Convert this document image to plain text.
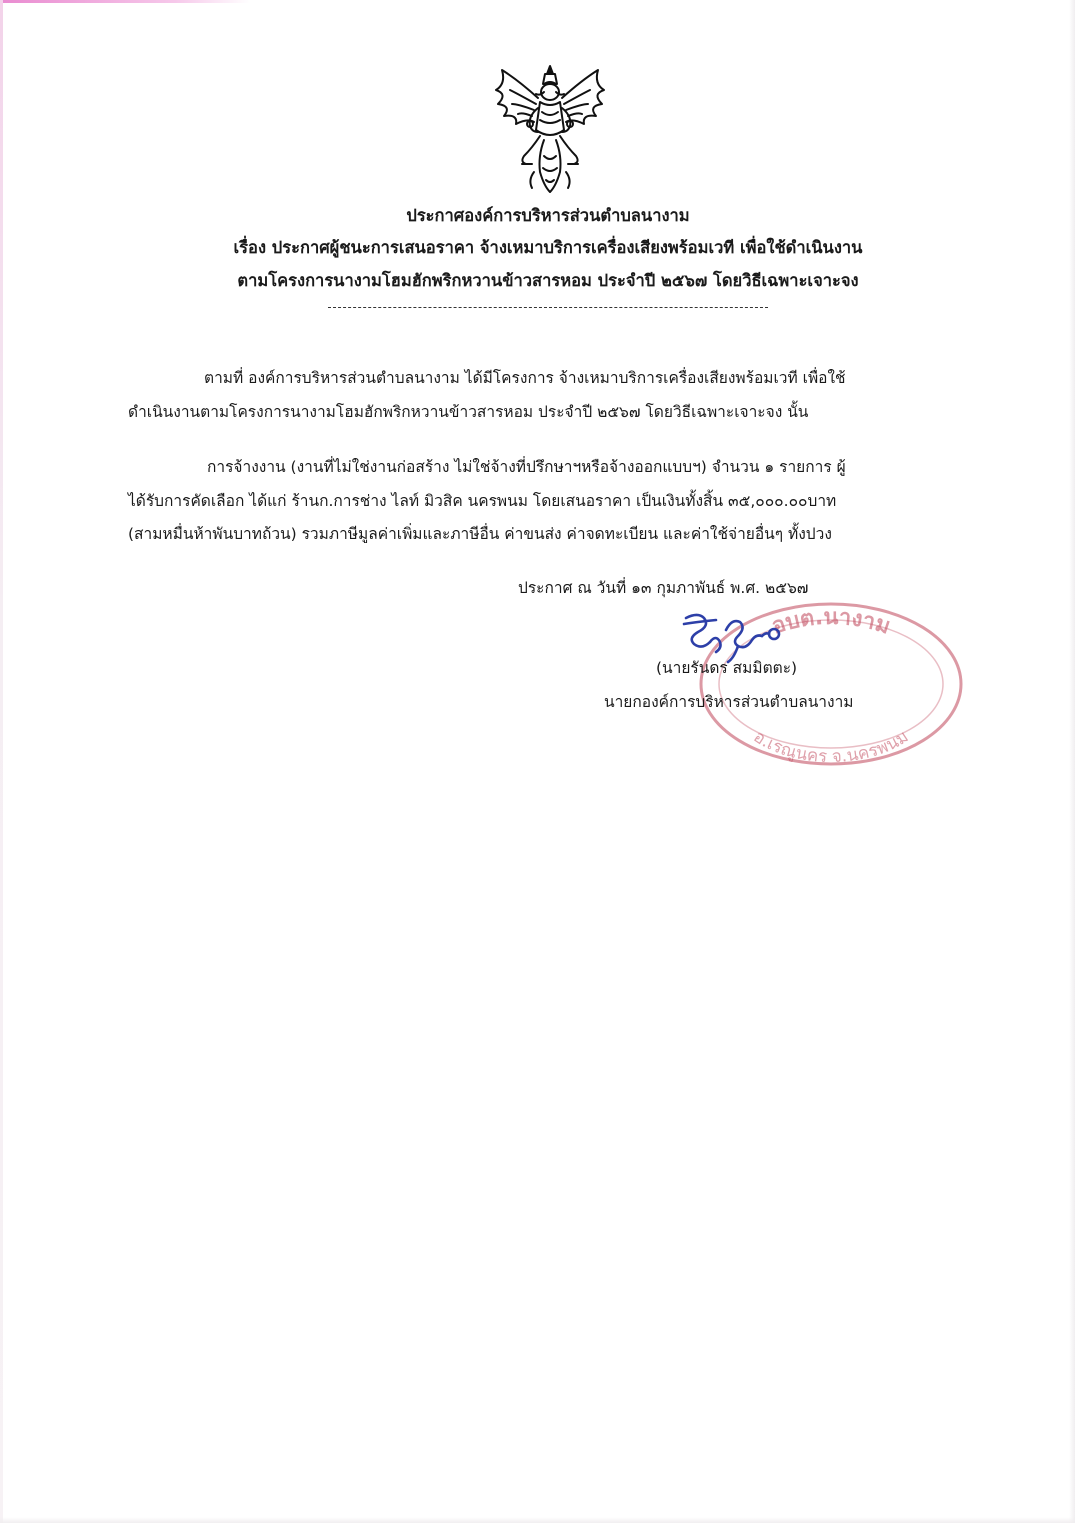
ประกาศองค์การบริหารส่วนตำบลนางาม
เรื่อง ประกาศผู้ชนะการเสนอราคา จ้างเหมาบริการเครื่องเสียงพร้อมเวที เพื่อใช้ดำเนินงาน
ตามโครงการนางามโฮมฮักพริกหวานข้าวสารหอม ประจำปี ๒๕๖๗ โดยวิธีเฉพาะเจาะจง
ตามที่ องค์การบริหารส่วนตำบลนางาม ได้มีโครงการ จ้างเหมาบริการเครื่องเสียงพร้อมเวที เพื่อใช้
ดำเนินงานตามโครงการนางามโฮมฮักพริกหวานข้าวสารหอม ประจำปี ๒๕๖๗ โดยวิธีเฉพาะเจาะจง นั้น
การจ้างงาน (งานที่ไม่ใช่งานก่อสร้าง ไม่ใช่จ้างที่ปรึกษาฯหรือจ้างออกแบบฯ) จำนวน ๑ รายการ ผู้
ได้รับการคัดเลือก ได้แก่ ร้านก.การช่าง ไลท์ มิวสิค นครพนม โดยเสนอราคา เป็นเงินทั้งสิ้น ๓๕,๐๐๐.๐๐บาท
(สามหมื่นห้าพันบาทถ้วน) รวมภาษีมูลค่าเพิ่มและภาษีอื่น ค่าขนส่ง ค่าจดทะเบียน และค่าใช้จ่ายอื่นๆ ทั้งปวง
ประกาศ ณ วันที่ ๑๓ กุมภาพันธ์ พ.ศ. ๒๕๖๗
อบต.นางาม
อ.เรณูนคร จ.นครพนม
(นายรันดร สมมิตตะ)
นายกองค์การบริหารส่วนตำบลนางาม
